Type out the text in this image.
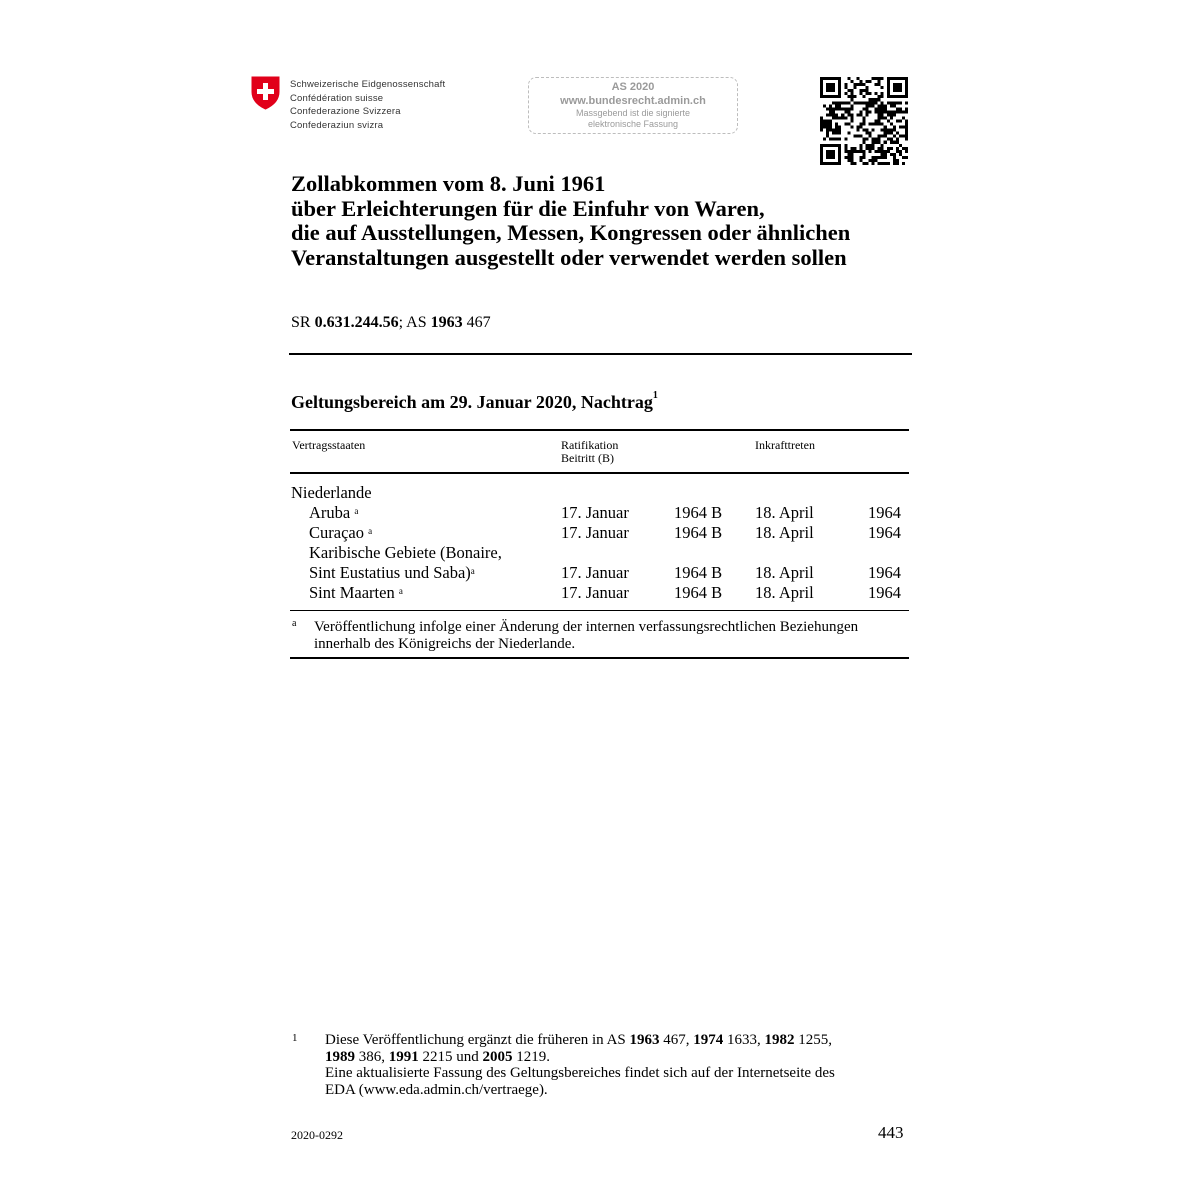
Schweizerische Eidgenossenschaft
Confédération suisse
Confederazione Svizzera
Confederaziun svizra
AS 2020
www.bundesrecht.admin.ch
Massgebend ist die signierte
elektronische Fassung
Zollabkommen vom 8. Juni 1961
über Erleichterungen für die Einfuhr von Waren,
die auf Ausstellungen, Messen, Kongressen oder ähnlichen
Veranstaltungen ausgestellt oder verwendet werden sollen
SR 0.631.244.56; AS 1963 467
Geltungsbereich am 29. Januar 2020, Nachtrag$^1$
Vertragsstaaten	Ratifikation
Beitritt (B)
Inkrafttreten
Niederlande
Aruba $^a$	17. Januar	1964 B 18. April	1964
Curaçao $^a$	17. Januar	1964 B 18. April	1964
Karibische Gebiete (Bonaire,
Sint Eustatius und Saba)$^a$	17. Januar	1964 B 18. April	1964
Sint Maarten $^a$	17. Januar	1964 B 18. April	1964
a Veröffentlichung infolge einer Änderung der internen verfassungsrechtlichen Beziehungen
innerhalb des Königreichs der Niederlande.
1 Diese Veröffentlichung ergänzt die früheren in AS 1963 467, 1974 1633, 1982 1255,
1989 386, 1991 2215 und 2005 1219.
Eine aktualisierte Fassung des Geltungsbereiches findet sich auf der Internetseite des
EDA (www.eda.admin.ch/vertraege).
2020-0292	443
